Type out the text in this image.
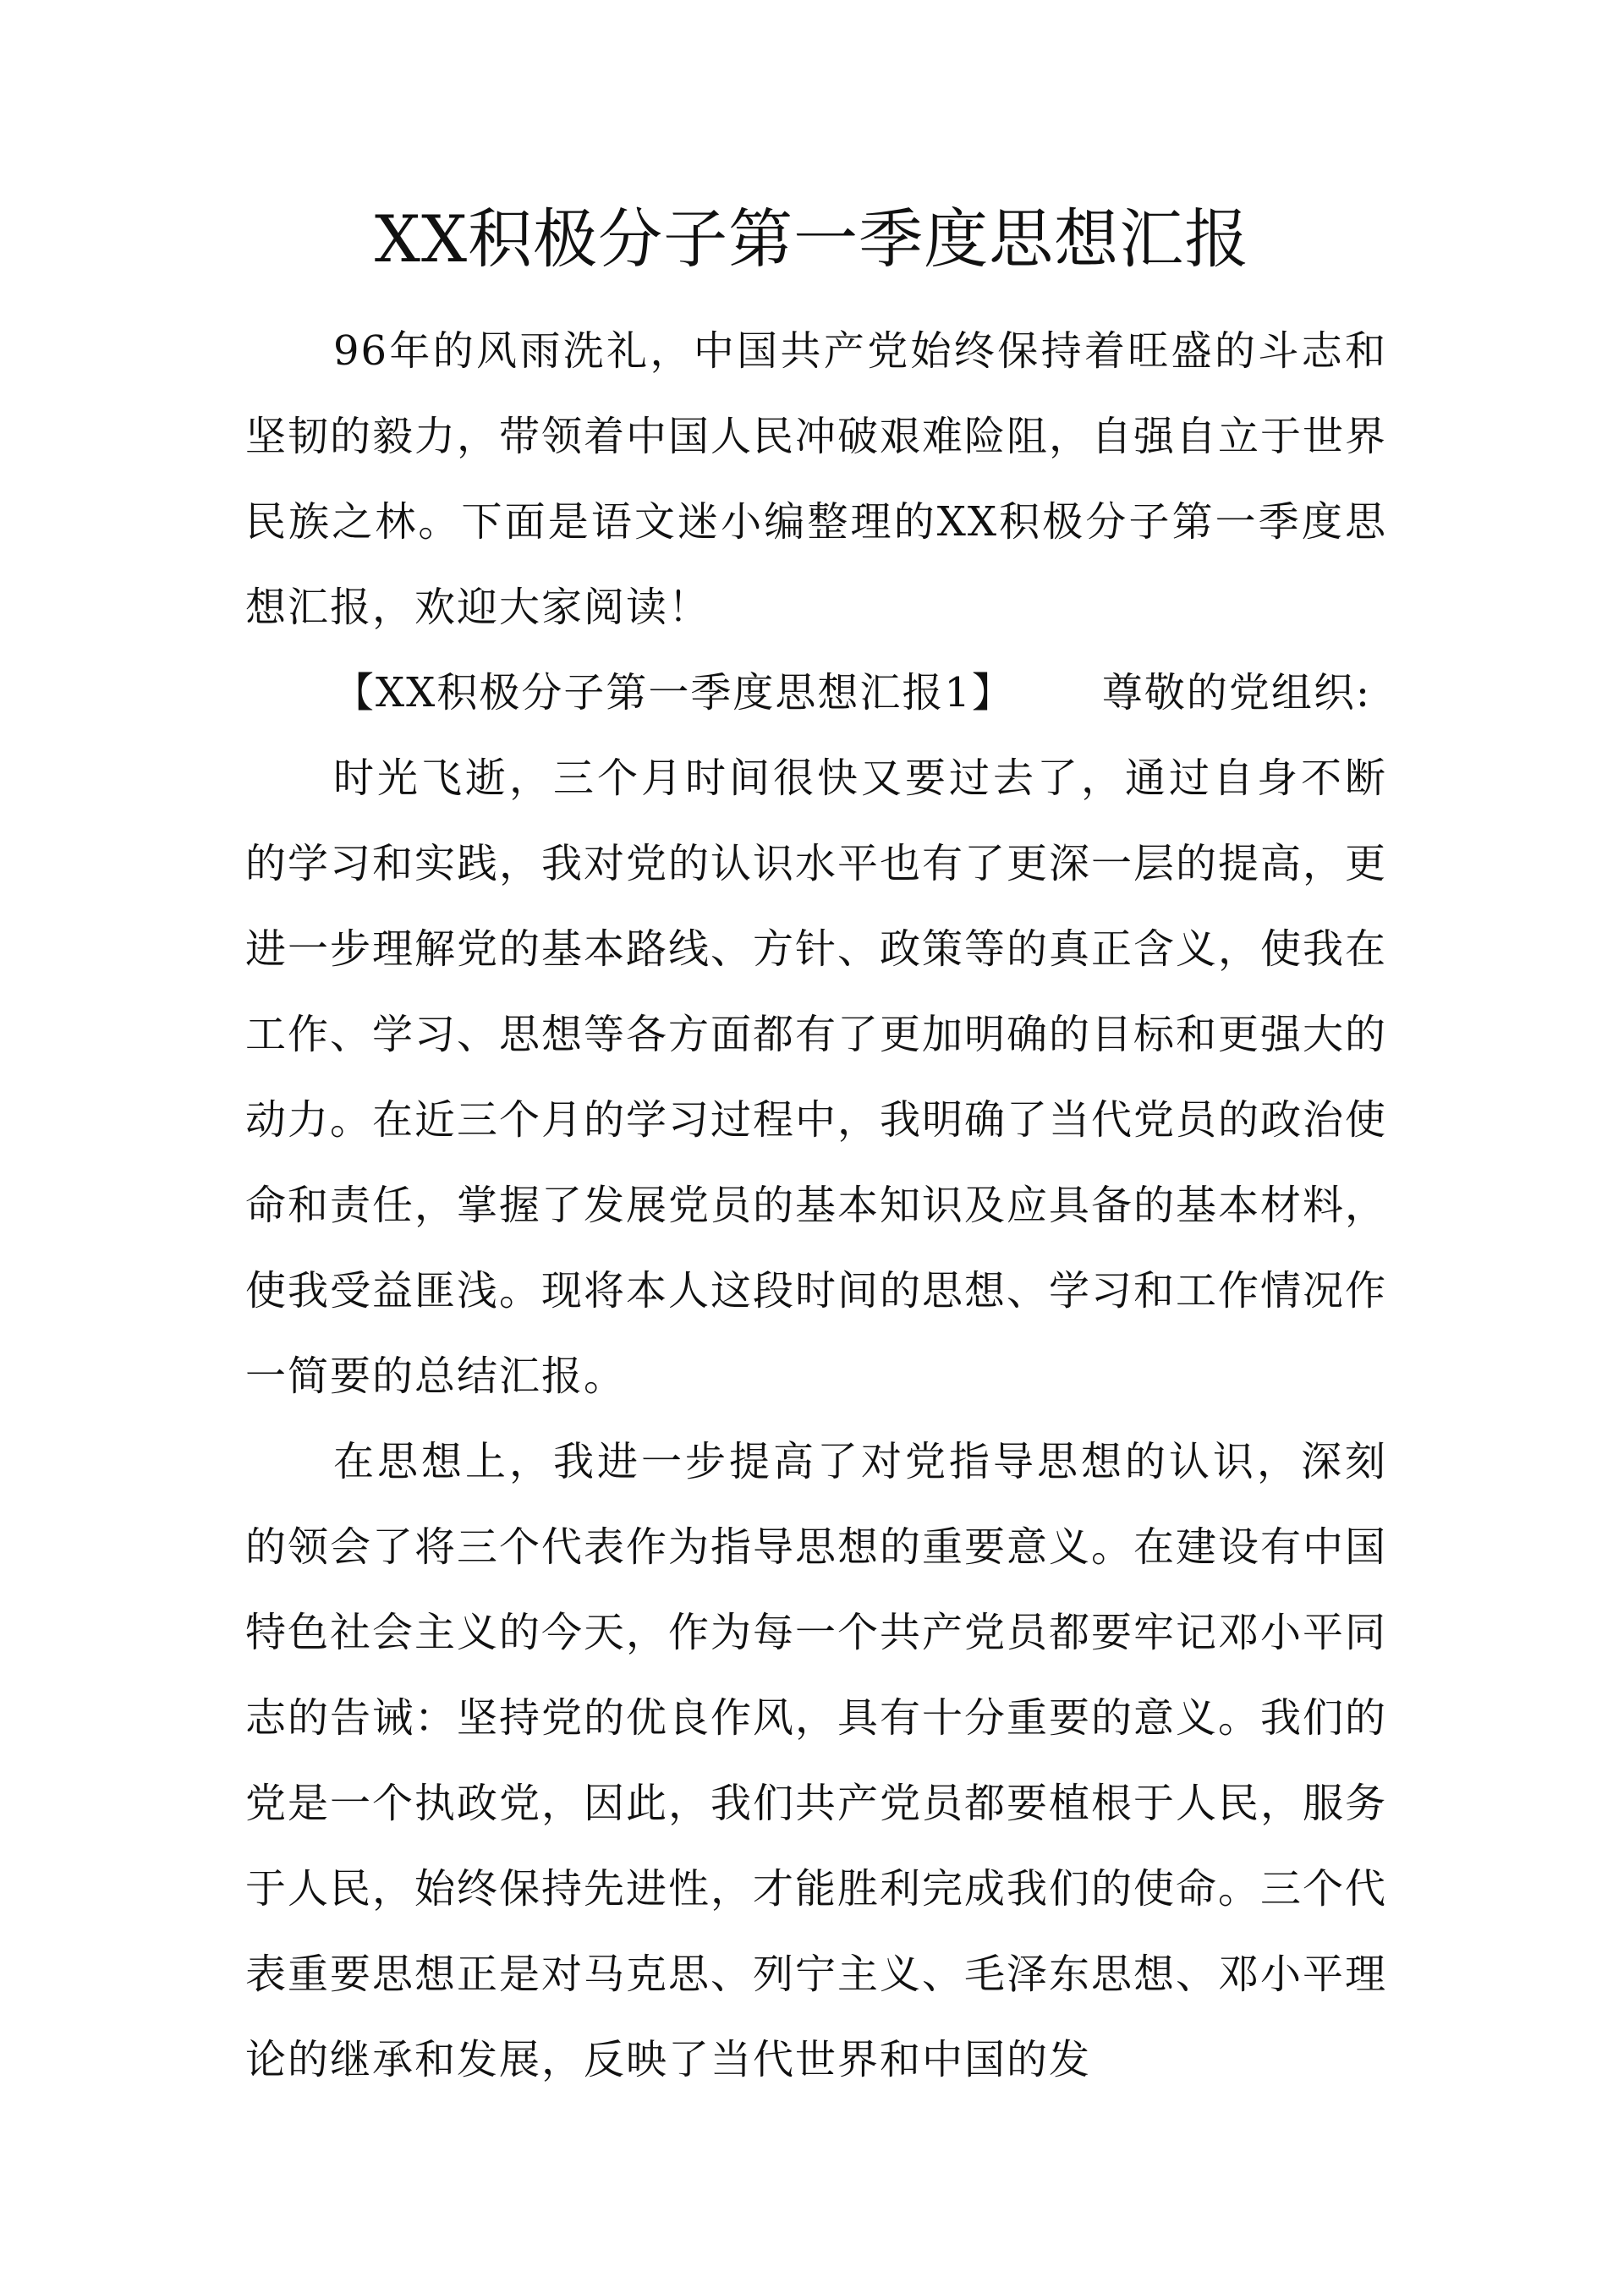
XX积极分子第一季度思想汇报

96年的风雨洗礼，中国共产党始终保持着旺盛的斗志和坚韧的毅力，带领着中国人民冲破艰难险阻，自强自立于世界民族之林。下面是语文迷小编整理的XX积极分子第一季度思想汇报，欢迎大家阅读！

【XX积极分子第一季度思想汇报1】 尊敬的党组织:

时光飞逝，三个月时间很快又要过去了，通过自身不断的学习和实践，我对党的认识水平也有了更深一层的提高，更进一步理解党的基本路线、方针、政策等的真正含义，使我在工作、学习、思想等各方面都有了更加明确的目标和更强大的动力。在近三个月的学习过程中，我明确了当代党员的政治使命和责任，掌握了发展党员的基本知识及应具备的基本材料，使我受益匪浅。现将本人这段时间的思想、学习和工作情况作一简要的总结汇报。

在思想上，我进一步提高了对党指导思想的认识，深刻的领会了将三个代表作为指导思想的重要意义。在建设有中国特色社会主义的今天，作为每一个共产党员都要牢记邓小平同志的告诫：坚持党的优良作风，具有十分重要的意义。我们的党是一个执政党，因此，我们共产党员都要植根于人民，服务于人民，始终保持先进性，才能胜利完成我们的使命。三个代表重要思想正是对马克思、列宁主义、毛泽东思想、邓小平理论的继承和发展，反映了当代世界和中国的发
